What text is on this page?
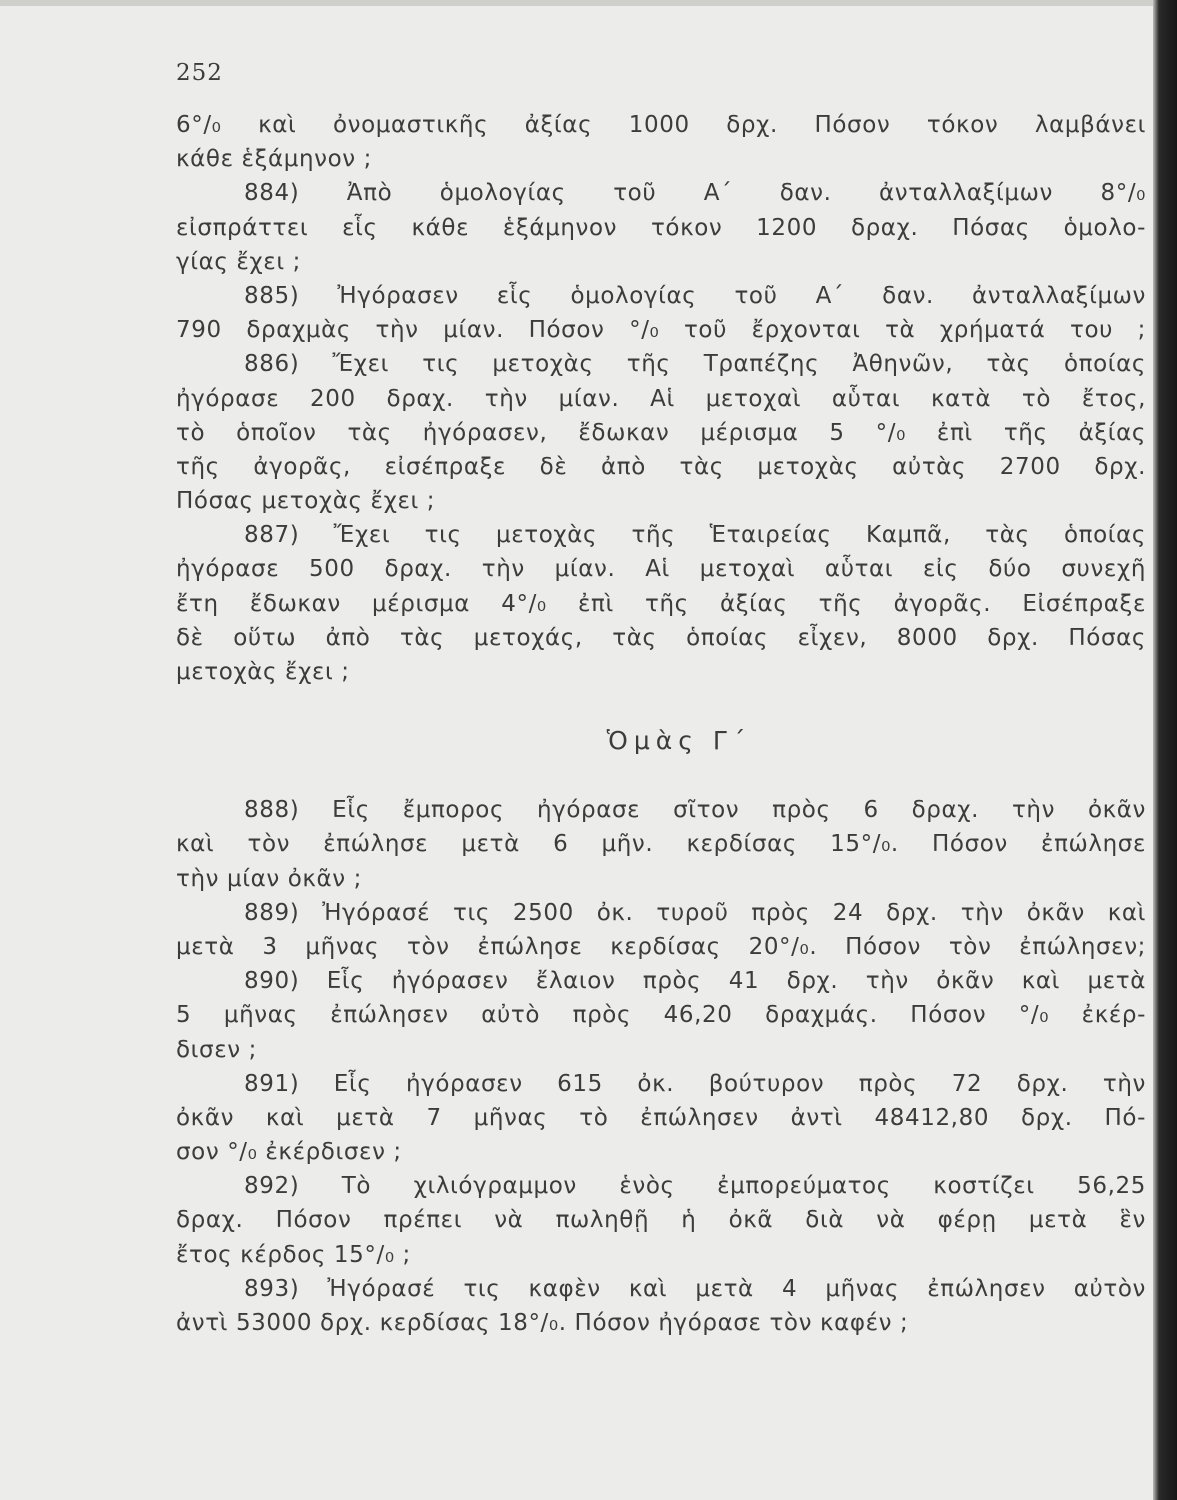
252
6°/₀ καὶ ὀνομαστικῆς ἀξίας 1000 δρχ. Πόσον τόκον λαμβάνει
κάθε ἑξάμηνον ;
884) Ἀπὸ ὁμολογίας τοῦ Α΄ δαν. ἀνταλλαξίμων 8°/₀
εἰσπράττει εἷς κάθε ἑξάμηνον τόκον 1200 δραχ. Πόσας ὁμολο-
γίας ἔχει ;
885) Ἠγόρασεν εἷς ὁμολογίας τοῦ Α΄ δαν. ἀνταλλαξίμων
790 δραχμὰς τὴν μίαν. Πόσον °/₀ τοῦ ἔρχονται τὰ χρήματά του ;
886) Ἔχει τις μετοχὰς τῆς Τραπέζης Ἀθηνῶν, τὰς ὁποίας
ἠγόρασε 200 δραχ. τὴν μίαν. Αἱ μετοχαὶ αὗται κατὰ τὸ ἔτος,
τὸ ὁποῖον τὰς ἠγόρασεν, ἔδωκαν μέρισμα 5 °/₀ ἐπὶ τῆς ἀξίας
τῆς ἀγορᾶς, εἰσέπραξε δὲ ἀπὸ τὰς μετοχὰς αὐτὰς 2700 δρχ.
Πόσας μετοχὰς ἔχει ;
887) Ἔχει τις μετοχὰς τῆς Ἑταιρείας Καμπᾶ, τὰς ὁποίας
ἠγόρασε 500 δραχ. τὴν μίαν. Αἱ μετοχαὶ αὗται εἰς δύο συνεχῆ
ἔτη ἔδωκαν μέρισμα 4°/₀ ἐπὶ τῆς ἀξίας τῆς ἀγορᾶς. Εἰσέπραξε
δὲ οὕτω ἀπὸ τὰς μετοχάς, τὰς ὁποίας εἶχεν, 8000 δρχ. Πόσας
μετοχὰς ἔχει ;
Ὁμὰς Γ΄
888) Εἷς ἔμπορος ἠγόρασε σῖτον πρὸς 6 δραχ. τὴν ὀκᾶν
καὶ τὸν ἐπώλησε μετὰ 6 μῆν. κερδίσας 15°/₀. Πόσον ἐπώλησε
τὴν μίαν ὀκᾶν ;
889) Ἠγόρασέ τις 2500 ὀκ. τυροῦ πρὸς 24 δρχ. τὴν ὀκᾶν καὶ
μετὰ 3 μῆνας τὸν ἐπώλησε κερδίσας 20°/₀. Πόσον τὸν ἐπώλησεν;
890) Εἷς ἠγόρασεν ἔλαιον πρὸς 41 δρχ. τὴν ὀκᾶν καὶ μετὰ
5 μῆνας ἐπώλησεν αὐτὸ πρὸς 46,20 δραχμάς. Πόσον °/₀ ἐκέρ-
δισεν ;
891) Εἷς ἠγόρασεν 615 ὀκ. βούτυρον πρὸς 72 δρχ. τὴν
ὀκᾶν καὶ μετὰ 7 μῆνας τὸ ἐπώλησεν ἀντὶ 48412,80 δρχ. Πό-
σον °/₀ ἐκέρδισεν ;
892) Τὸ χιλιόγραμμον ἑνὸς ἐμπορεύματος κοστίζει 56,25
δραχ. Πόσον πρέπει νὰ πωληθῇ ἡ ὀκᾶ διὰ νὰ φέρῃ μετὰ ἓν
ἔτος κέρδος 15°/₀ ;
893) Ἠγόρασέ τις καφὲν καὶ μετὰ 4 μῆνας ἐπώλησεν αὐτὸν
ἀντὶ 53000 δρχ. κερδίσας 18°/₀. Πόσον ἠγόρασε τὸν καφέν ;
